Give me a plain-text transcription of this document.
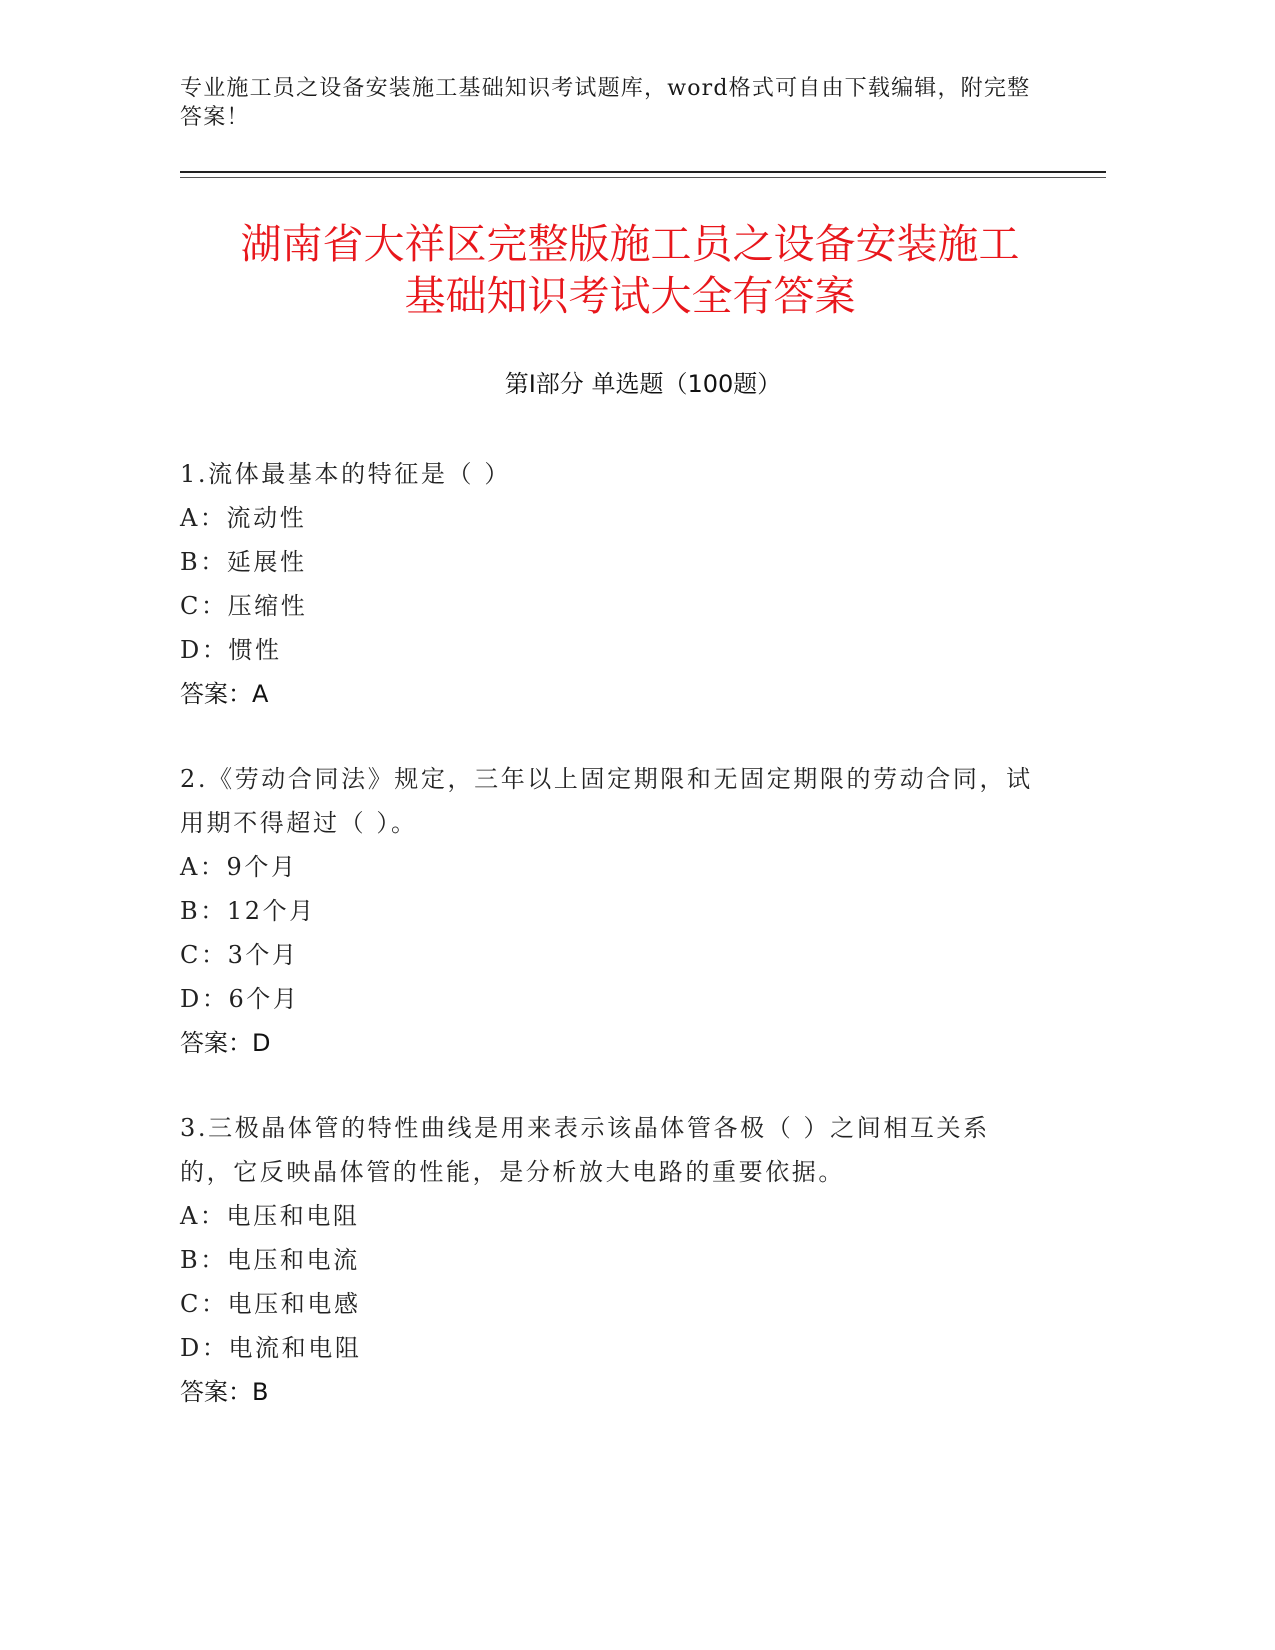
专业施工员之设备安装施工基础知识考试题库，word格式可自由下载编辑，附完整答案！
湖南省大祥区完整版施工员之设备安装施工
基础知识考试大全有答案
第Ⅰ部分 单选题（100题）
1.流体最基本的特征是（ ）
A：流动性
B：延展性
C：压缩性
D：惯性
答案：A
2.《劳动合同法》规定，三年以上固定期限和无固定期限的劳动合同，试用期不得超过（ ）。
A：9个月
B：12个月
C：3个月
D：6个月
答案：D
3.三极晶体管的特性曲线是用来表示该晶体管各极（ ）之间相互关系的，它反映晶体管的性能，是分析放大电路的重要依据。
A：电压和电阻
B：电压和电流
C：电压和电感
D：电流和电阻
答案：B
